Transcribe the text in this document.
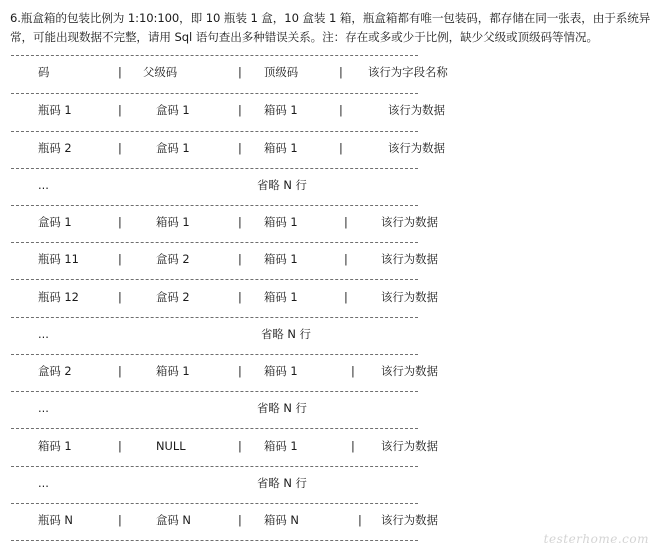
6.瓶盒箱的包装比例为 1:10:100，即 10 瓶装 1 盒，10 盒装 1 箱，瓶盒箱都有唯一包装码，都存储在同一张表，由于系统异常，可能出现数据不完整，请用 Sql 语句查出多种错误关系。注：存在或多或少于比例，缺少父级或顶级码等情况。
码	| 父级码	| 顶级码	| 该行为字段名称
瓶码 1	|	盒码 1	| 箱码 1	|	该行为数据
瓶码 2	|	盒码 1	| 箱码 1	|	该行为数据
...	省略 N 行
盒码 1	|	箱码 1	| 箱码 1	|	该行为数据
瓶码 11	|	盒码 2	| 箱码 1	|	该行为数据
瓶码 12	|	盒码 2	| 箱码 1	|	该行为数据
...	省略 N 行
盒码 2	|	箱码 1	| 箱码 1	| 该行为数据
...	省略 N 行
箱码 1	|	NULL	| 箱码 1	| 该行为数据
...	省略 N 行
瓶码 N	|	盒码 N	| 箱码 N	| 该行为数据
testerhome.com
